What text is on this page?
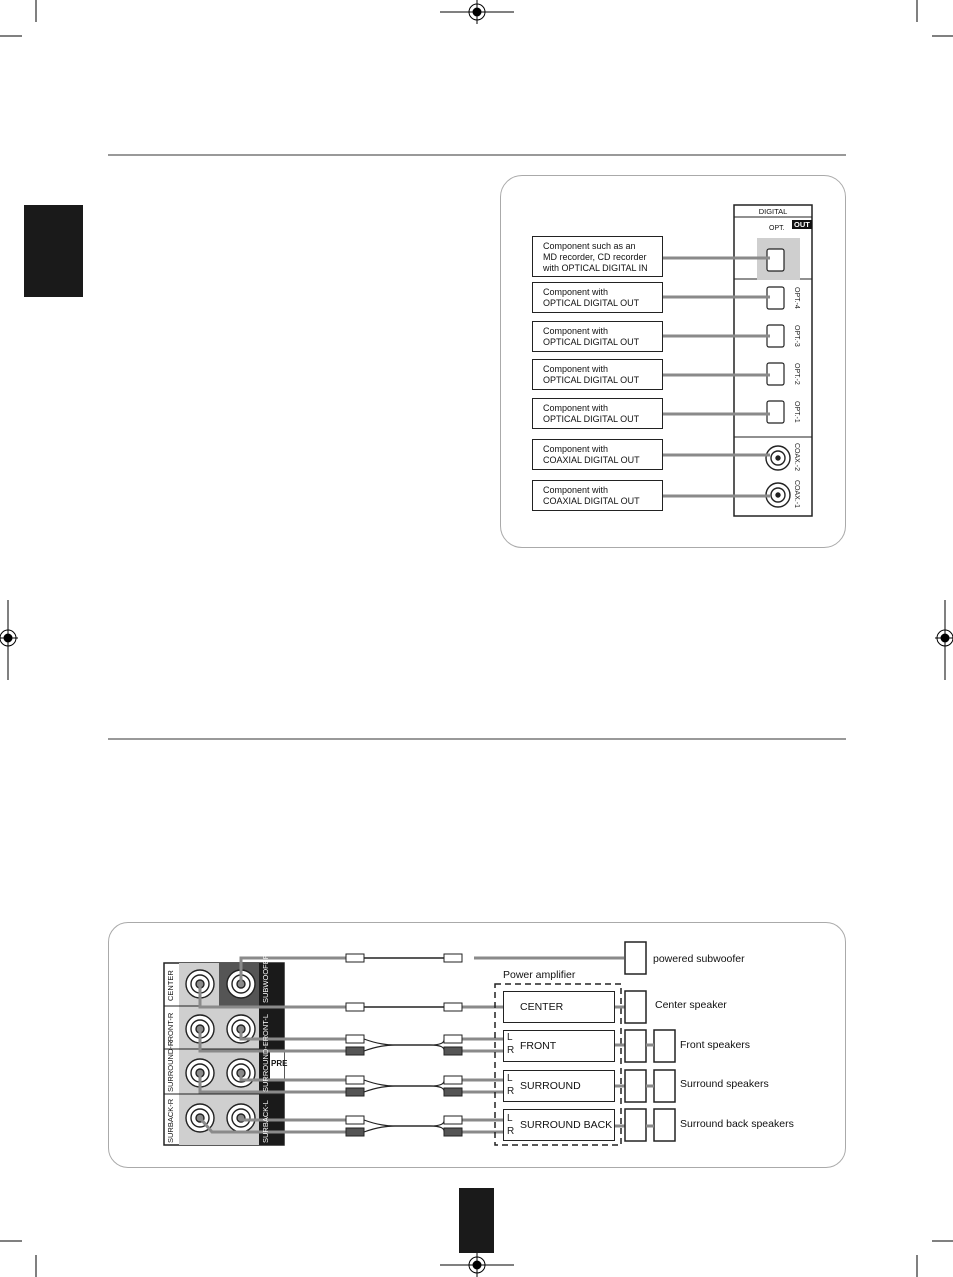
DIGITAL
OUT
OPT.
OPT.-4
OPT.-3
OPT.-2
OPT.-1
COAX.-2
COAX.-1
Component such as an
MD recorder, CD recorder
with OPTICAL DIGITAL IN
Component with
OPTICAL DIGITAL OUT
Component with
OPTICAL DIGITAL OUT
Component with
OPTICAL DIGITAL OUT
Component with
OPTICAL DIGITAL OUT
Component with
COAXIAL DIGITAL OUT
Component with
COAXIAL DIGITAL OUT
CENTER	SUBWOOFER
FRONT-R	FRONT-L
SURROUND-R	SURROUND-L
SURBACK-R	SURBACK-L
PRE
Power amplifier
CENTER
FRONT
SURROUND
SURROUND BACK
L
R
L
R
L
R
powered subwoofer
Center speaker
Front speakers
Surround speakers
Surround back speakers
